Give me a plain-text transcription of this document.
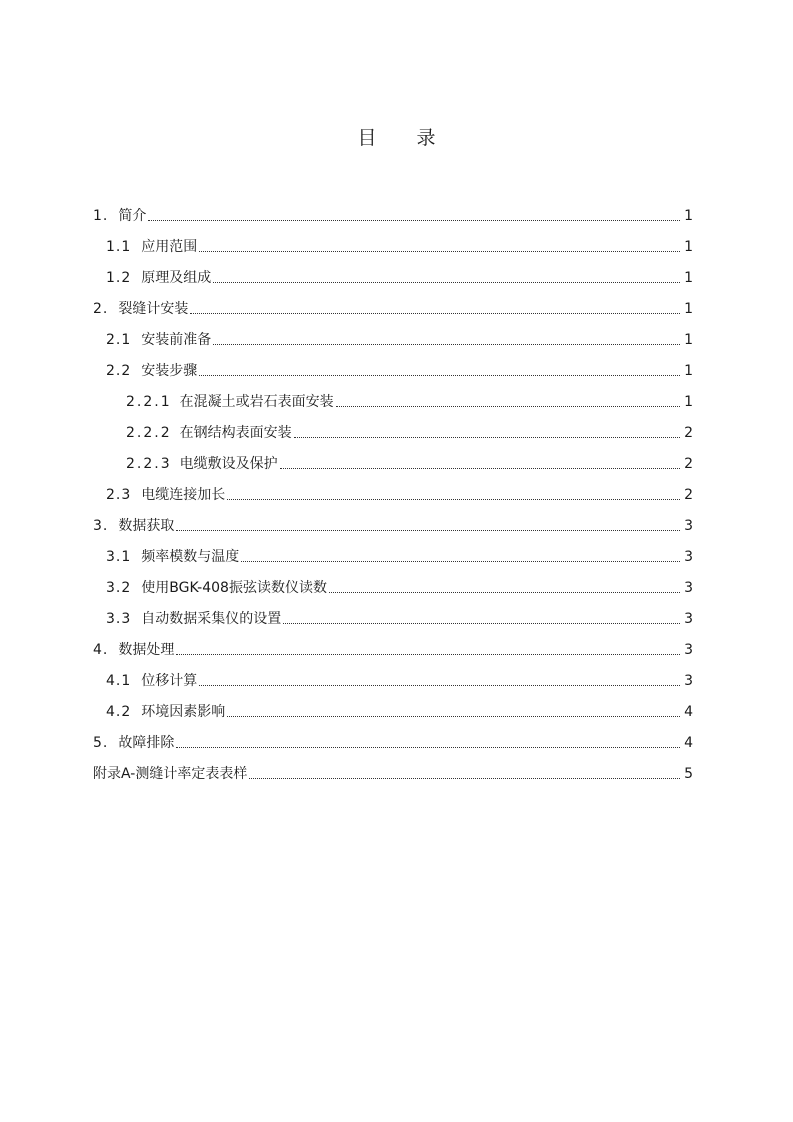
目 录
1. 简介	1
1.1 应用范围	1
1.2 原理及组成	1
2. 裂缝计安装	1
2.1 安装前准备	1
2.2 安装步骤	1
2.2.1 在混凝土或岩石表面安装	1
2.2.2 在钢结构表面安装	2
2.2.3 电缆敷设及保护	2
2.3 电缆连接加长	2
3. 数据获取	3
3.1 频率模数与温度	3
3.2 使用BGK-408振弦读数仪读数	3
3.3 自动数据采集仪的设置	3
4. 数据处理	3
4.1 位移计算	3
4.2 环境因素影响	4
5. 故障排除	4
附录A-测缝计率定表表样	5
